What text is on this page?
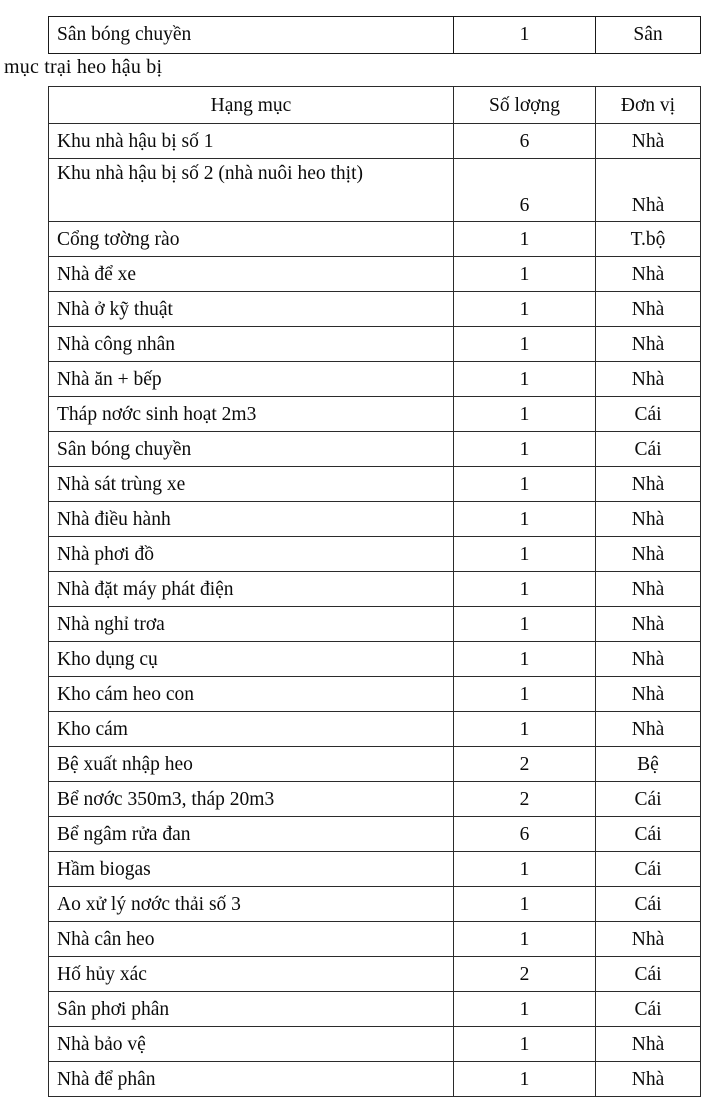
Sân bóng chuyền	1	Sân
mục trại heo hậu bị
Hạng mục	Số lơợng	Đơn vị
Khu nhà hậu bị số 1	6	Nhà
Khu nhà hậu bị số 2 (nhà nuôi heo thịt)	6	Nhà
Cổng tơờng rào	1	T.bộ
Nhà để xe	1	Nhà
Nhà ở kỹ thuật	1	Nhà
Nhà công nhân	1	Nhà
Nhà ăn + bếp	1	Nhà
Tháp nơớc sinh hoạt 2m3	1	Cái
Sân bóng chuyền	1	Cái
Nhà sát trùng xe	1	Nhà
Nhà điều hành	1	Nhà
Nhà phơi đồ	1	Nhà
Nhà đặt máy phát điện	1	Nhà
Nhà nghỉ trơa	1	Nhà
Kho dụng cụ	1	Nhà
Kho cám heo con	1	Nhà
Kho cám	1	Nhà
Bệ xuất nhập heo	2	Bệ
Bể nơớc 350m3, tháp 20m3	2	Cái
Bể ngâm rửa đan	6	Cái
Hầm biogas	1	Cái
Ao xử lý nơớc thải số 3	1	Cái
Nhà cân heo	1	Nhà
Hố hủy xác	2	Cái
Sân phơi phân	1	Cái
Nhà bảo vệ	1	Nhà
Nhà để phân	1	Nhà
